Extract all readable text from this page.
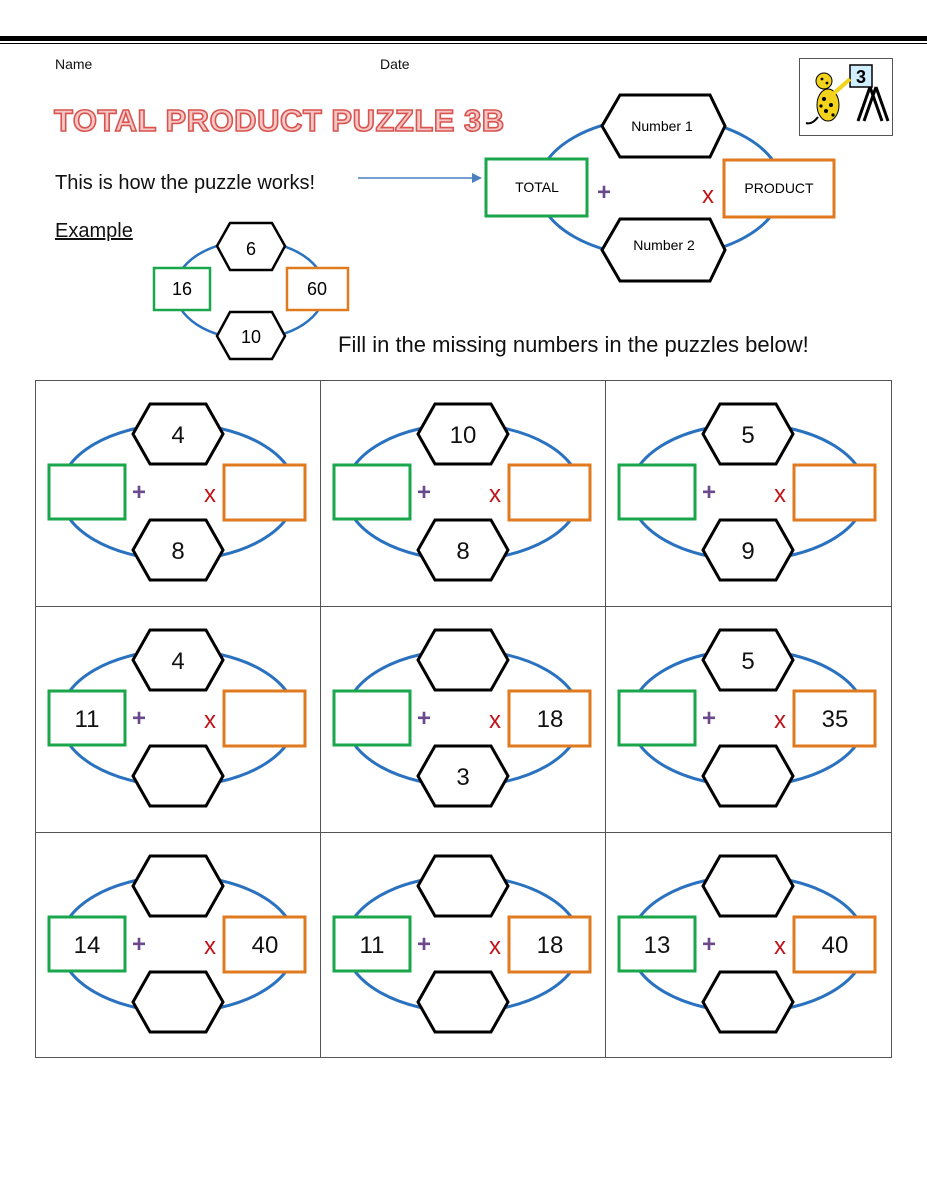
Name	Date
TOTAL PRODUCT PUZZLE 3B
This is how the puzzle works!
Example
Fill in the missing numbers in the puzzles below!
3
Number 1
Number 2
TOTAL	PRODUCT
+	x
6
10
16	60
4
8
+ x
10
8
+ x
5
9
+ x
4
11 + x
3
18
+ x
5
35
+ x
14	40
+ x	11	18
+ x	13	40
+ x
